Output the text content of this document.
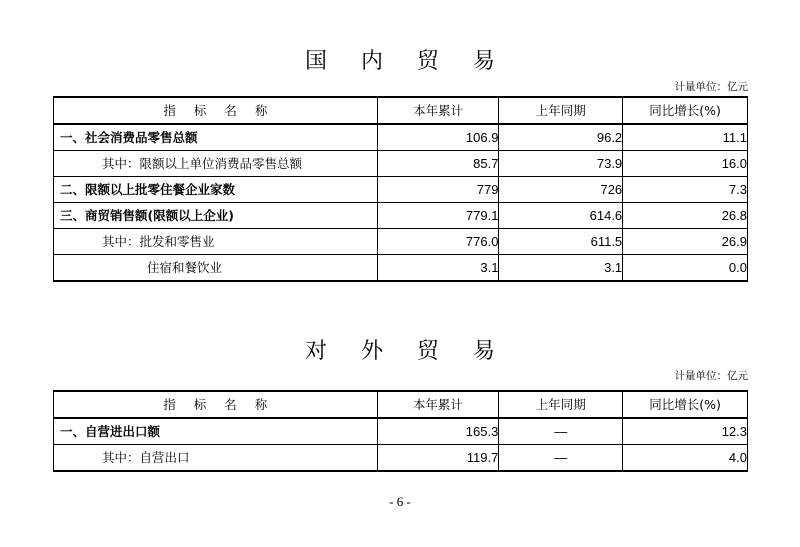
国内贸易
计量单位：亿元
指标名称	本年累计	上年同期	同比增长(%)
一、社会消费品零售总额	106.9	96.2	11.1
其中：限额以上单位消费品零售总额	85.7	73.9	16.0
二、限额以上批零住餐企业家数	779	726	7.3
三、商贸销售额(限额以上企业)	779.1	614.6	26.8
其中：批发和零售业	776.0	611.5	26.9
住宿和餐饮业	3.1	3.1	0.0
对外贸易
计量单位：亿元
指标名称	本年累计	上年同期	同比增长(%)
一、自营进出口额	165.3	—	12.3
其中：自营出口	119.7	—	4.0
- 6 -
